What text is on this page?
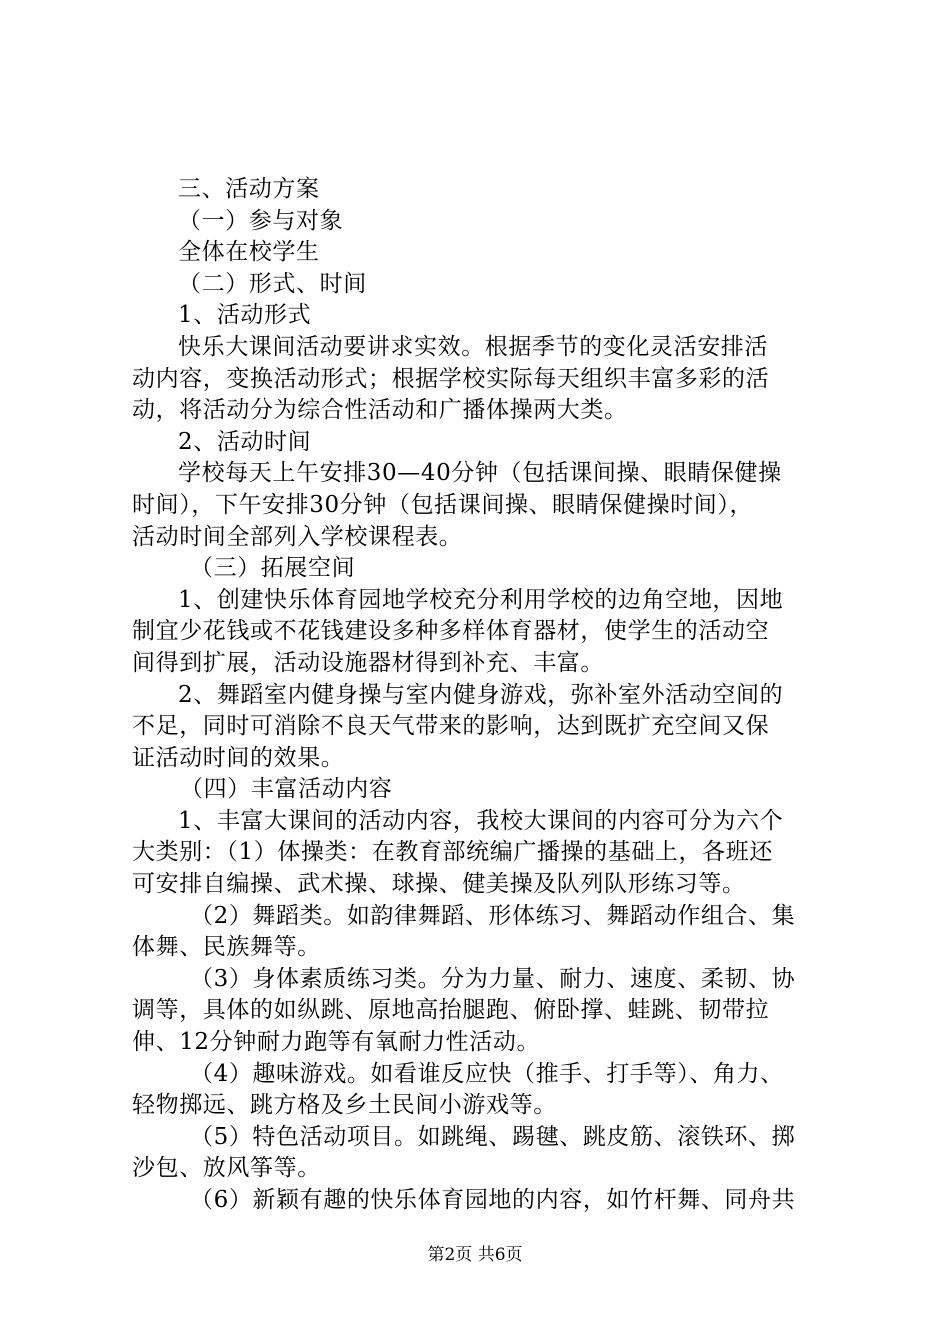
三、活动方案
（一）参与对象
全体在校学生
（二）形式、时间
1、活动形式
快乐大课间活动要讲求实效。根据季节的变化灵活安排活
动内容，变换活动形式；根据学校实际每天组织丰富多彩的活
动，将活动分为综合性活动和广播体操两大类。
2、活动时间
学校每天上午安排30—40分钟（包括课间操、眼睛保健操
时间），下午安排30分钟（包括课间操、眼睛保健操时间），
活动时间全部列入学校课程表。
（三）拓展空间
1、创建快乐体育园地学校充分利用学校的边角空地，因地
制宜少花钱或不花钱建设多种多样体育器材，使学生的活动空
间得到扩展，活动设施器材得到补充、丰富。
2、舞蹈室内健身操与室内健身游戏，弥补室外活动空间的
不足，同时可消除不良天气带来的影响，达到既扩充空间又保
证活动时间的效果。
（四）丰富活动内容
1、丰富大课间的活动内容，我校大课间的内容可分为六个
大类别：（1）体操类：在教育部统编广播操的基础上，各班还
可安排自编操、武术操、球操、健美操及队列队形练习等。
（2）舞蹈类。如韵律舞蹈、形体练习、舞蹈动作组合、集
体舞、民族舞等。
（3）身体素质练习类。分为力量、耐力、速度、柔韧、协
调等，具体的如纵跳、原地高抬腿跑、俯卧撑、蛙跳、韧带拉
伸、12分钟耐力跑等有氧耐力性活动。
（4）趣味游戏。如看谁反应快（推手、打手等）、角力、
轻物掷远、跳方格及乡土民间小游戏等。
（5）特色活动项目。如跳绳、踢毽、跳皮筋、滚铁环、掷
沙包、放风筝等。
（6）新颖有趣的快乐体育园地的内容，如竹杆舞、同舟共
第2页 共6页
